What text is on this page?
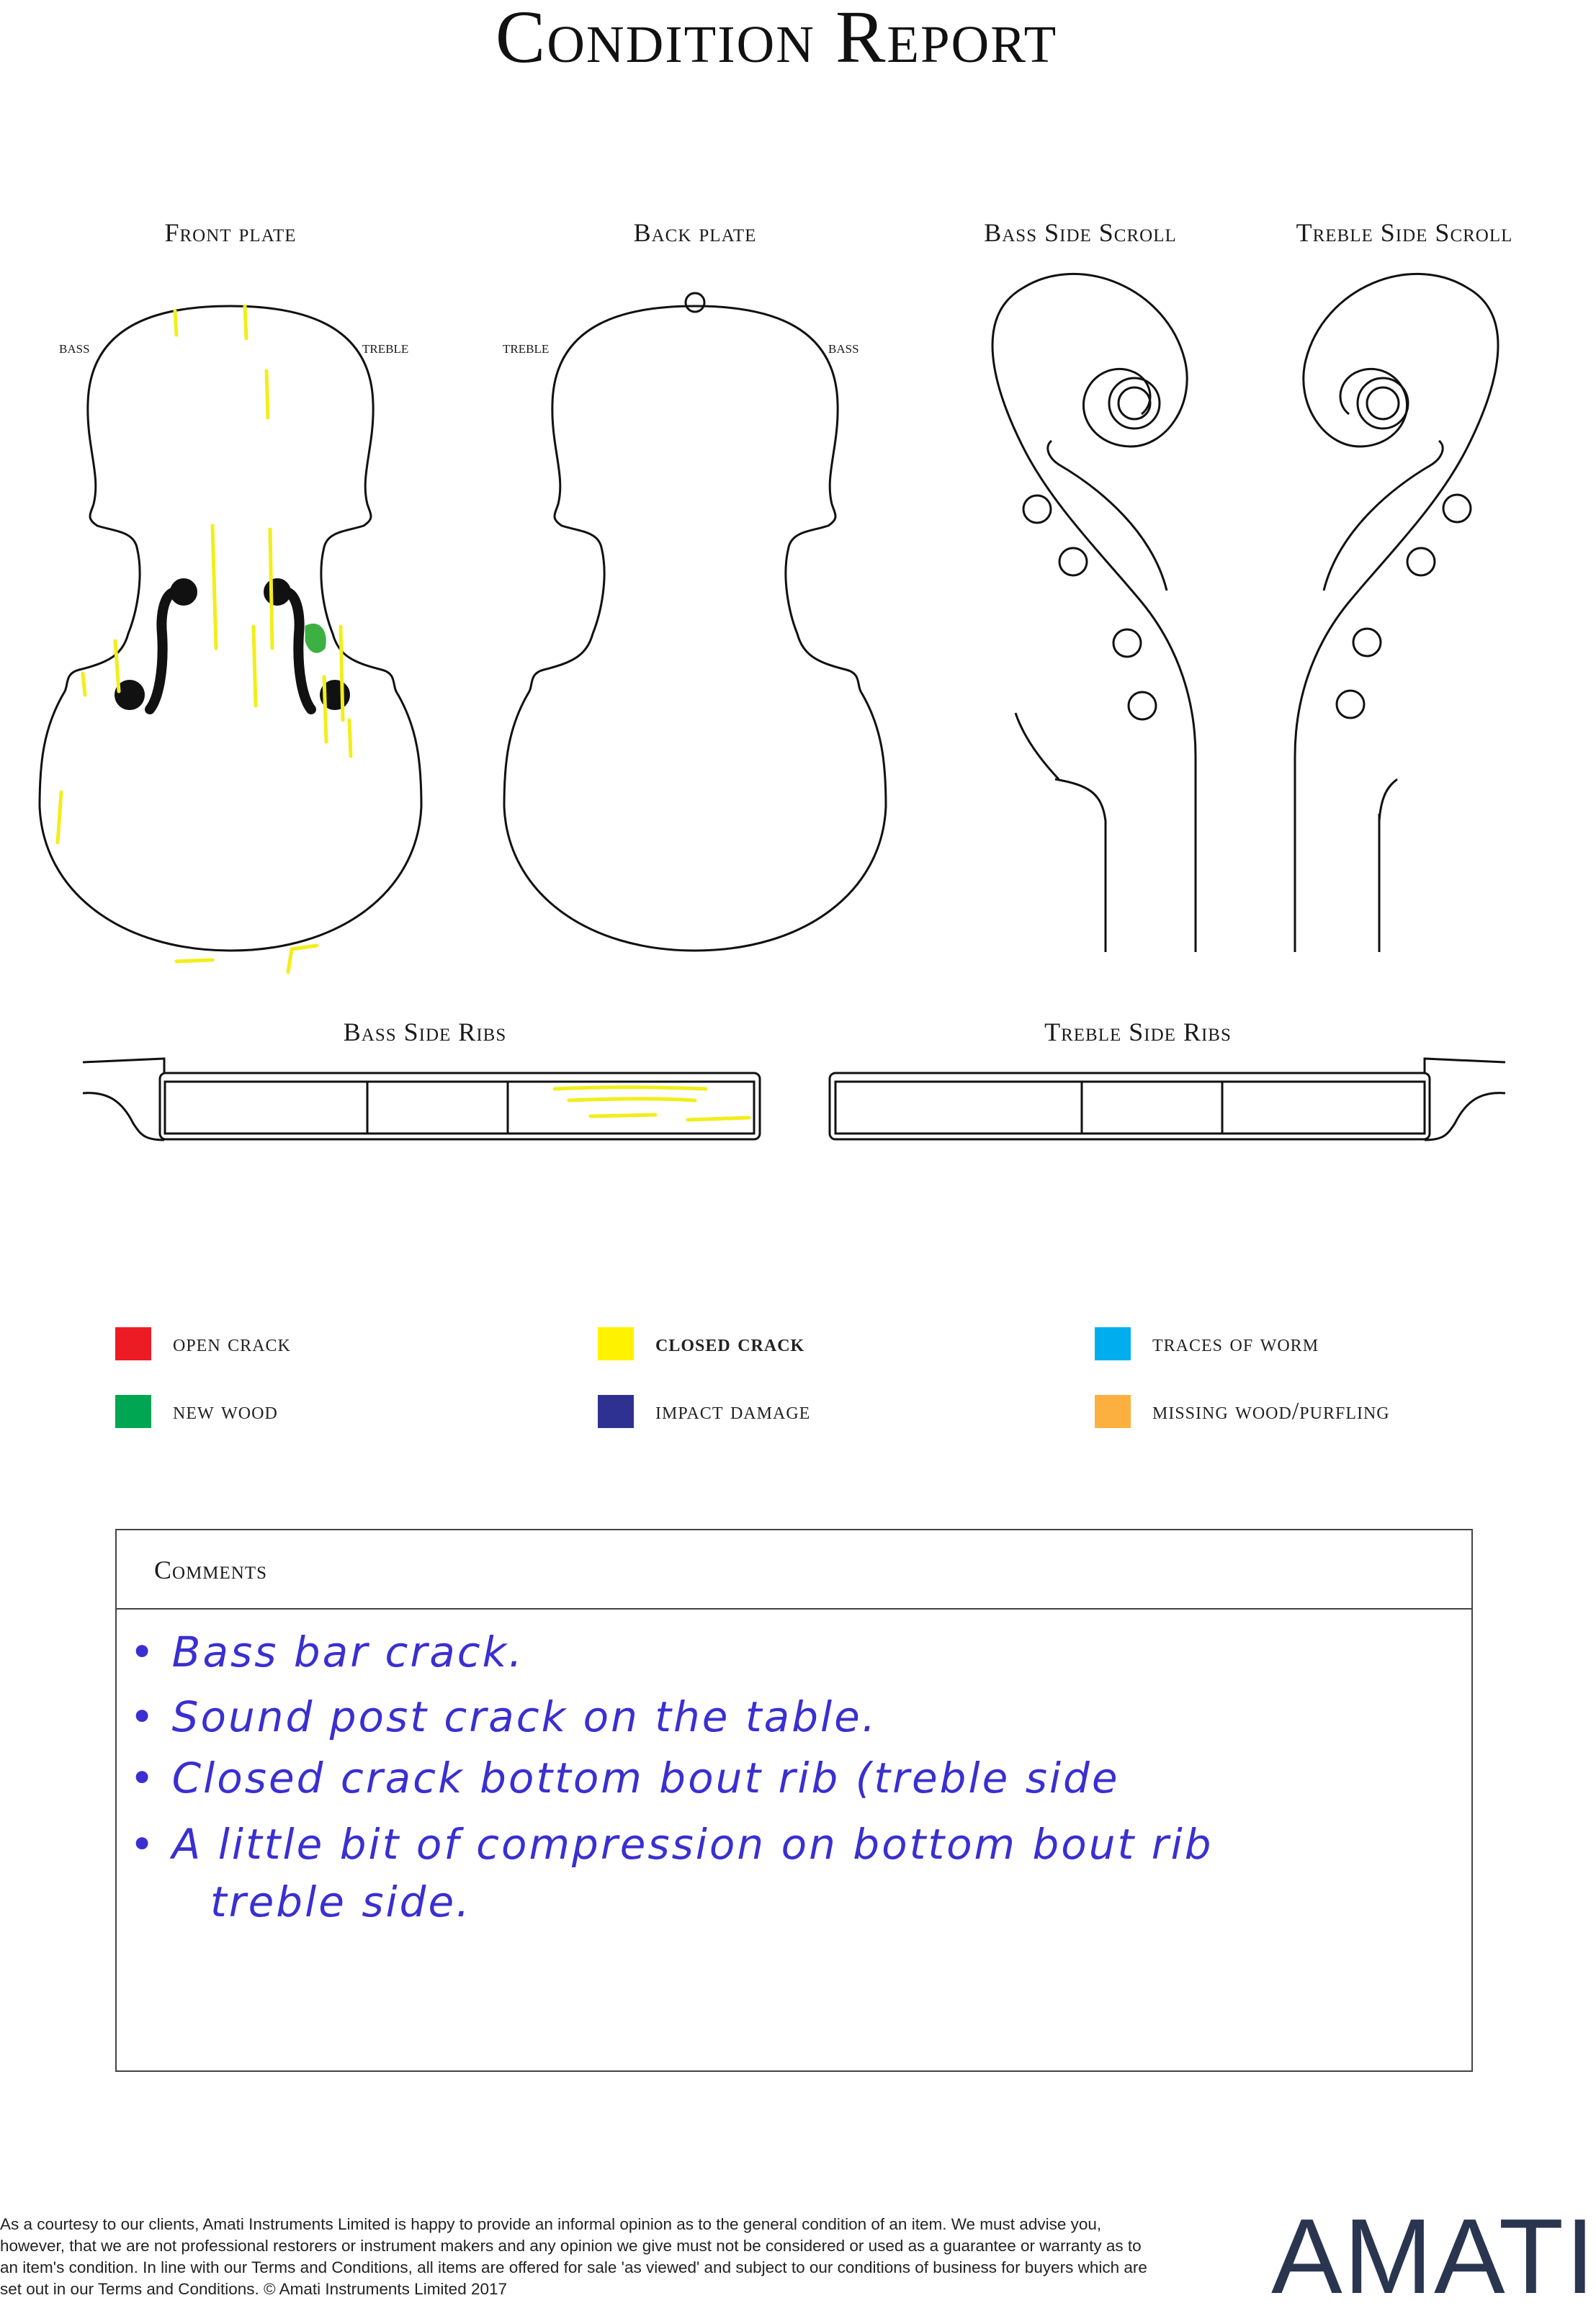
Condition Report
Front plate	Back plate	Bass Side Scroll	Treble Side Scroll
Bass Side Ribs	Treble Side Ribs
bass	treble	treble	bass
open crack	closed crack	traces of worm
new wood	impact damage	missing wood/purfling
Comments
• Bass bar crack.
• Sound post crack on the table.
• Closed crack bottom bout rib (treble side
• A little bit of compression on bottom bout rib
treble side.
As a courtesy to our clients, Amati Instruments Limited is happy to provide an informal opinion as to the general condition of an item. We must advise you, however, that we are not professional restorers or instrument makers and any opinion we give must not be considered or used as a guarantee or warranty as to an item's condition. In line with our Terms and Conditions, all items are offered for sale 'as viewed' and subject to our conditions of business for buyers which are set out in our Terms and Conditions. © Amati Instruments Limited 2017	AMATI
